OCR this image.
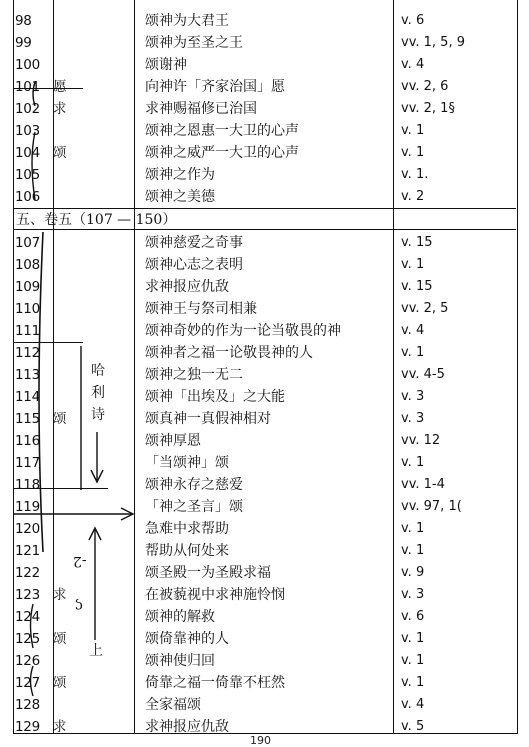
98	颂神为大君王	v. 6
99	颂神为至圣之王	vv. 1, 5, 9
100	颂谢神	v. 4
101 愿	向神许「齐家治国」愿	vv. 2, 6
102 求	求神赐福修已治国	vv. 2, 1§
103	颂神之恩惠一大卫的心声	v. 1
104 颂	颂神之威严一大卫的心声	v. 1
105	颂神之作为	v. 1.
106	颂神之美德	v. 2
五、卷五（107 — 150）
107	颂神慈爱之奇事	v. 15
108	颂神心志之表明	v. 1
109	求神报应仇敌	v. 15
110	颂神王与祭司相兼	vv. 2, 5
111	颂神奇妙的作为一论当敬畏的神	v. 4
112	颂神者之福一论敬畏神的人	v. 1
113	颂神之独一无二	vv. 4-5
114	颂神「出埃及」之大能	v. 3
115 颂	颂真神一真假神相对	v. 3
116	颂神厚恩	vv. 12
117	「当颂神」颂	v. 1
118	颂神永存之慈爱	vv. 1-4
119	「神之圣言」颂	vv. 97, 1(
120	急难中求帮助	v. 1
121	帮助从何处来	v. 1
122	颂圣殿一为圣殿求福	v. 9
123 求	在被藐视中求神施怜悯	v. 3
124	颂神的解救	v. 6
125 颂	颂倚靠神的人	v. 1
126	颂神使归回	v. 1
127 颂	倚靠之福一倚靠不枉然	v. 1
128	全家福颂	v. 4
129 求	求神报应仇敌	v. 5
哈
利
诗
-2
ς
上
190
